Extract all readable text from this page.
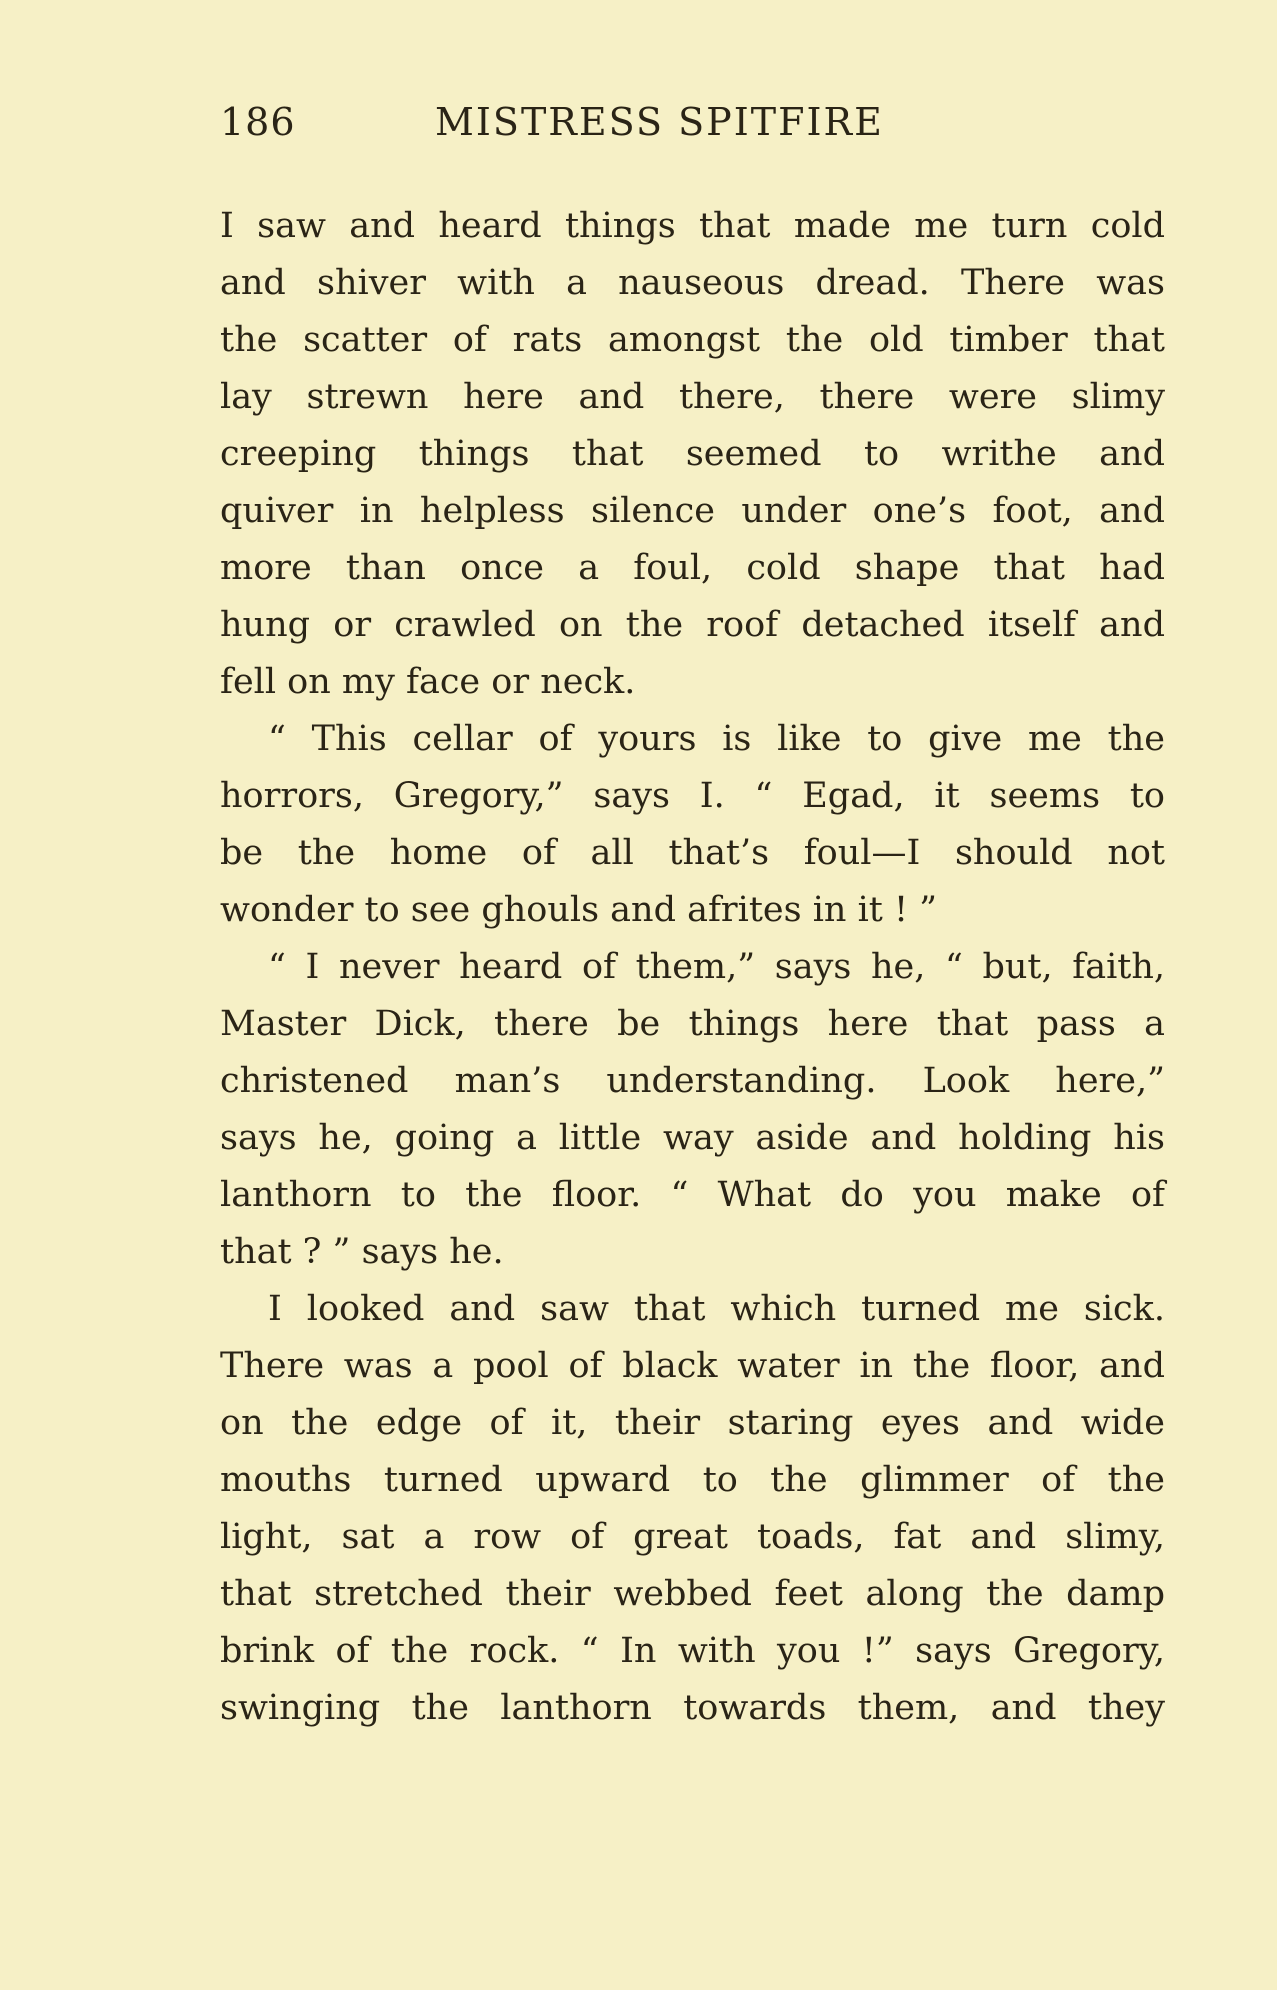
186	MISTRESS SPITFIRE
I saw and heard things that made me turn cold
and shiver with a nauseous dread. There was
the scatter of rats amongst the old timber that
lay strewn here and there, there were slimy
creeping things that seemed to writhe and
quiver in helpless silence under one’s foot, and
more than once a foul, cold shape that had
hung or crawled on the roof detached itself and
fell on my face or neck.
“ This cellar of yours is like to give me the
horrors, Gregory,” says I. “ Egad, it seems to
be the home of all that’s foul—I should not
wonder to see ghouls and afrites in it ! ”
“ I never heard of them,” says he, “ but, faith,
Master Dick, there be things here that pass a
christened man’s understanding. Look here,”
says he, going a little way aside and holding his
lanthorn to the floor. “ What do you make of
that ? ” says he.
I looked and saw that which turned me sick.
There was a pool of black water in the floor, and
on the edge of it, their staring eyes and wide
mouths turned upward to the glimmer of the
light, sat a row of great toads, fat and slimy,
that stretched their webbed feet along the damp
brink of the rock. “ In with you !” says Gregory,
swinging the lanthorn towards them, and they
